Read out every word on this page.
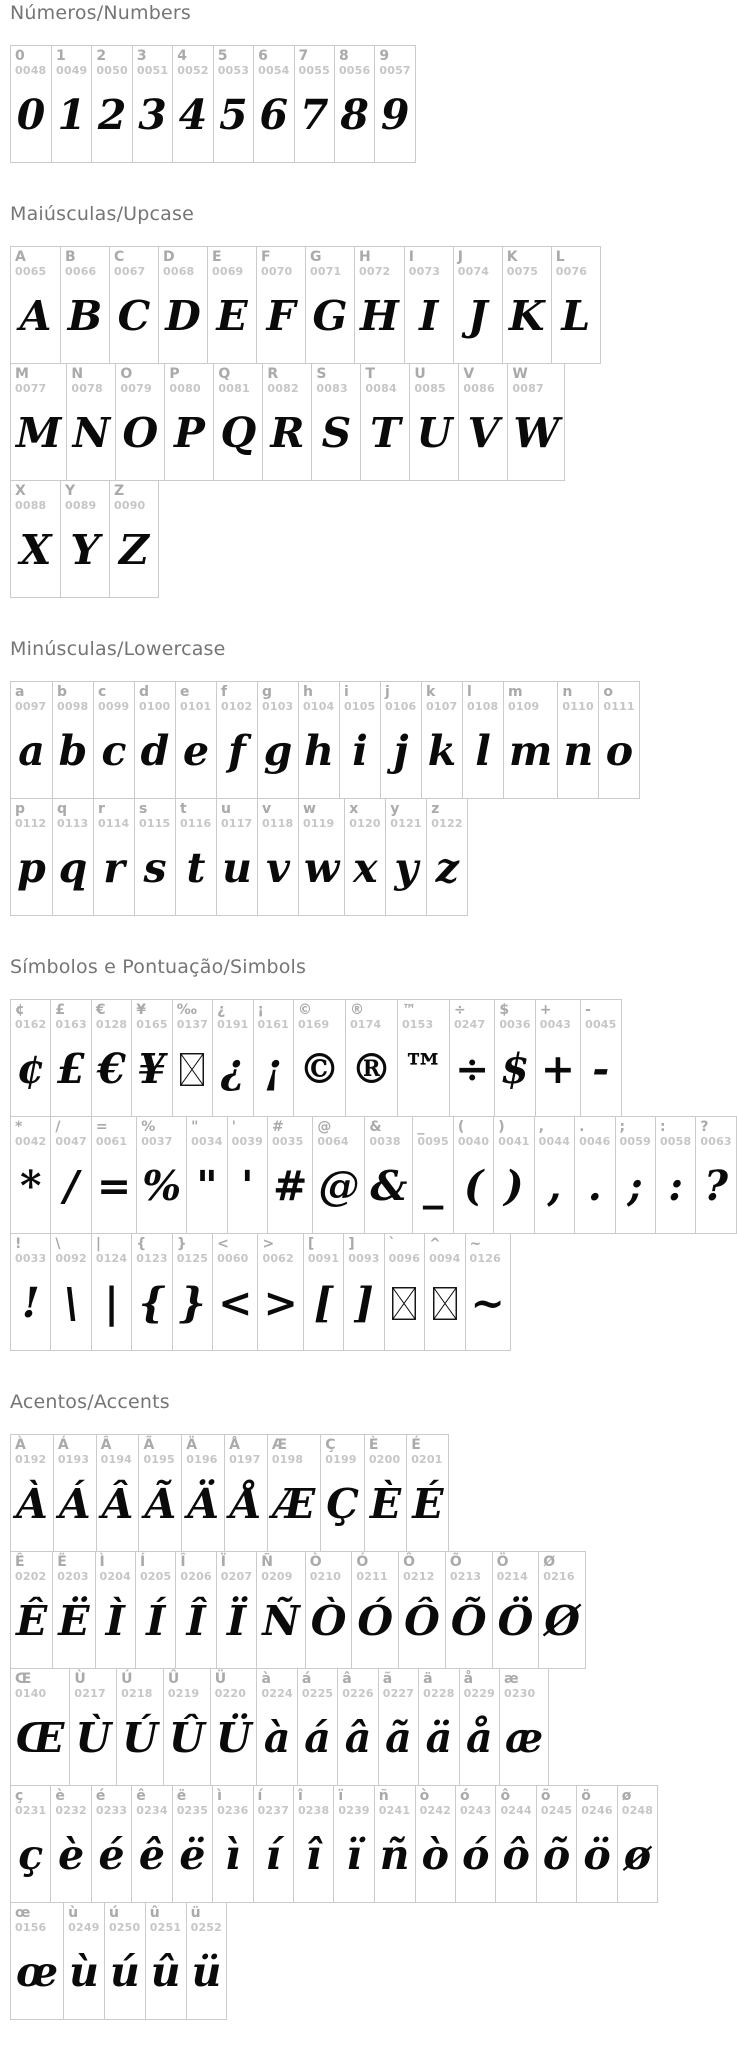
Números/Numbers
0
0048
0
1
0049
1
2
0050
2
3
0051
3
4
0052
4
5
0053
5
6
0054
6
7
0055
7
8
0056
8
9
0057
9
Maiúsculas/Upcase
A
0065
A
B
0066
B
C
0067
C
D
0068
D
E
0069
E
F
0070
F
G
0071
G
H
0072
H
I
0073
I
J
0074
J
K
0075
K
L
0076
L
M
0077
M
N
0078
N
O
0079
O
P
0080
P
Q
0081
Q
R
0082
R
S
0083
S
T
0084
T
U
0085
U
V
0086
V
W
0087
W
X
0088
X
Y
0089
Y
Z
0090
Z
Minúsculas/Lowercase
a
0097
a
b
0098
b
c
0099
c
d
0100
d
e
0101
e
f
0102
f
g
0103
g
h
0104
h
i
0105
i
j
0106
j
k
0107
k
l
0108
l
m
0109
m
n
0110
n
o
0111
o
p
0112
p
q
0113
q
r
0114
r
s
0115
s
t
0116
t
u
0117
u
v
0118
v
w
0119
w
x
0120
x
y
0121
y
z
0122
z
Símbolos e Pontuação/Simbols
¢
0162
¢
£
0163
£
€
0128
€
¥
0165
¥
‰
0137
¿
0191
¿
¡
0161
¡
©
0169
©
®
0174
®
™
0153
™
÷
0247
÷
$
0036
$
+
0043
+
-
0045
-
*
0042
*
/
0047
/
=
0061
=
%
0037
%
"
0034
"
'
0039
'
#
0035
#
@
0064
@
&
0038
&
_
0095
_
(
0040
(
)
0041
)
,
0044
,
.
0046
.
;
0059
;
:
0058
:
?
0063
?
!
0033
!
\
0092
\
|
0124
|
{
0123
{
}
0125
}
<
0060
<
>
0062
>
[
0091
[
]
0093
]
`
0096
^
0094
~
0126
~
Acentos/Accents
À
0192
À
Á
0193
Á
Â
0194
Â
Ã
0195
Ã
Ä
0196
Ä
Å
0197
Å
Æ
0198
Æ
Ç
0199
Ç
È
0200
È
É
0201
É
Ê
0202
Ê
Ë
0203
Ë
Ì
0204
Ì
Í
0205
Í
Î
0206
Î
Ï
0207
Ï
Ñ
0209
Ñ
Ò
0210
Ò
Ó
0211
Ó
Ô
0212
Ô
Õ
0213
Õ
Ö
0214
Ö
Ø
0216
Ø
Œ
0140
Œ
Ù
0217
Ù
Ú
0218
Ú
Û
0219
Û
Ü
0220
Ü
à
0224
à
á
0225
á
â
0226
â
ã
0227
ã
ä
0228
ä
å
0229
å
æ
0230
æ
ç
0231
ç
è
0232
è
é
0233
é
ê
0234
ê
ë
0235
ë
ì
0236
ì
í
0237
í
î
0238
î
ï
0239
ï
ñ
0241
ñ
ò
0242
ò
ó
0243
ó
ô
0244
ô
õ
0245
õ
ö
0246
ö
ø
0248
ø
œ
0156
œ
ù
0249
ù
ú
0250
ú
û
0251
û
ü
0252
ü
